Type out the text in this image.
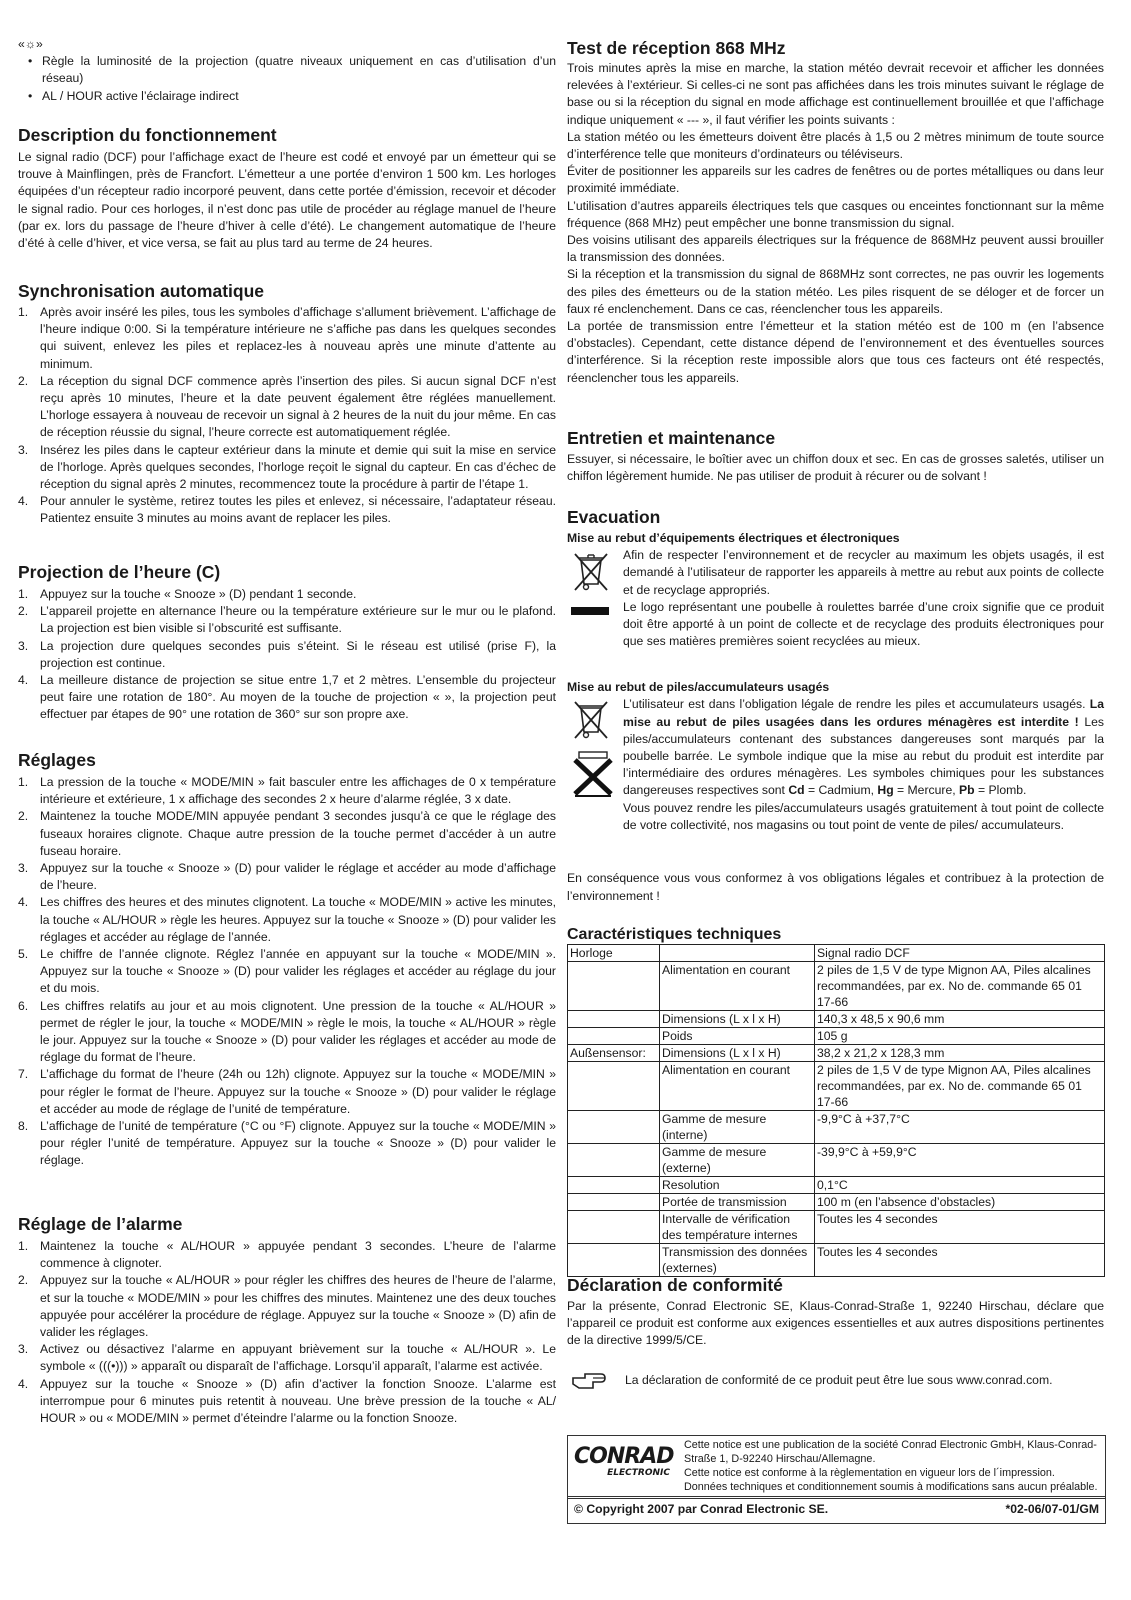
«☼»
• Règle la luminosité de la projection (quatre niveaux uniquement en cas d’utilisation d’un réseau)
• AL / HOUR active l’éclairage indirect
Description du fonctionnement

Le signal radio (DCF) pour l’affichage exact de l’heure est codé et envoyé par un émetteur qui se trouve à Mainflingen, près de Francfort. L’émetteur a une portée d’environ 1 500 km. Les horloges équipées d’un récepteur radio incorporé peuvent, dans cette portée d’émission, recevoir et décoder le signal radio. Pour ces horloges, il n’est donc pas utile de procéder au réglage manuel de l’heure (par ex. lors du passage de l’heure d’hiver à celle d’été). Le changement automatique de l’heure d’été à celle d’hiver, et vice versa, se fait au plus tard au terme de 24 heures.

Synchronisation automatique
1. Après avoir inséré les piles, tous les symboles d’affichage s’allument brièvement. L’affichage de l’heure indique 0:00. Si la température intérieure ne s’affiche pas dans les quelques secondes qui suivent, enlevez les piles et replacez-les à nouveau après une minute d’attente au minimum.
2. La réception du signal DCF commence après l’insertion des piles. Si aucun signal DCF n’est reçu après 10 minutes, l’heure et la date peuvent également être réglées manuellement. L’horloge essayera à nouveau de recevoir un signal à 2 heures de la nuit du jour même. En cas de réception réussie du signal, l’heure correcte est automatiquement réglée.
3. Insérez les piles dans le capteur extérieur dans la minute et demie qui suit la mise en service de l’horloge. Après quelques secondes, l’horloge reçoit le signal du capteur. En cas d’échec de réception du signal après 2 minutes, recommencez toute la procédure à partir de l’étape 1.
4. Pour annuler le système, retirez toutes les piles et enlevez, si nécessaire, l’adaptateur réseau. Patientez ensuite 3 minutes au moins avant de replacer les piles.
Projection de l’heure (C)
1. Appuyez sur la touche « Snooze » (D) pendant 1 seconde.
2. L’appareil projette en alternance l’heure ou la température extérieure sur le mur ou le plafond. La projection est bien visible si l’obscurité est suffisante.
3. La projection dure quelques secondes puis s’éteint. Si le réseau est utilisé (prise F), la projection est continue.
4. La meilleure distance de projection se situe entre 1,7 et 2 mètres. L’ensemble du projecteur peut faire une rotation de 180°. Au moyen de la touche de projection « », la projection peut effectuer par étapes de 90° une rotation de 360° sur son propre axe.
Réglages
1. La pression de la touche « MODE/MIN » fait basculer entre les affichages de 0 x température intérieure et extérieure, 1 x affichage des secondes 2 x heure d’alarme réglée, 3 x date.
2. Maintenez la touche MODE/MIN appuyée pendant 3 secondes jusqu’à ce que le réglage des fuseaux horaires clignote. Chaque autre pression de la touche permet d’accéder à un autre fuseau horaire.
3. Appuyez sur la touche « Snooze » (D) pour valider le réglage et accéder au mode d’affichage de l’heure.
4. Les chiffres des heures et des minutes clignotent. La touche « MODE/MIN » active les minutes, la touche « AL/HOUR » règle les heures. Appuyez sur la touche « Snooze » (D) pour valider les réglages et accéder au réglage de l’année.
5. Le chiffre de l’année clignote. Réglez l’année en appuyant sur la touche « MODE/MIN ». Appuyez sur la touche « Snooze » (D) pour valider les réglages et accéder au réglage du jour et du mois.
6. Les chiffres relatifs au jour et au mois clignotent. Une pression de la touche « AL/HOUR » permet de régler le jour, la touche « MODE/MIN » règle le mois, la touche « AL/HOUR » règle le jour. Appuyez sur la touche « Snooze » (D) pour valider les réglages et accéder au mode de réglage du format de l’heure.
7. L’affichage du format de l’heure (24h ou 12h) clignote. Appuyez sur la touche « MODE/MIN » pour régler le format de l’heure. Appuyez sur la touche « Snooze » (D) pour valider le réglage et accéder au mode de réglage de l’unité de température.
8. L’affichage de l’unité de température (°C ou °F) clignote. Appuyez sur la touche « MODE/MIN » pour régler l’unité de température. Appuyez sur la touche « Snooze » (D) pour valider le réglage.
Réglage de l’alarme
1. Maintenez la touche « AL/HOUR » appuyée pendant 3 secondes. L’heure de l’alarme commence à clignoter.
2. Appuyez sur la touche « AL/HOUR » pour régler les chiffres des heures de l’heure de l’alarme, et sur la touche « MODE/MIN » pour les chiffres des minutes. Maintenez une des deux touches appuyée pour accélérer la procédure de réglage. Appuyez sur la touche « Snooze » (D) afin de valider les réglages.
3. Activez ou désactivez l’alarme en appuyant brièvement sur la touche « AL/HOUR ». Le symbole « (((•))) » apparaît ou disparaît de l’affichage. Lorsqu’il apparaît, l’alarme est activée.
4. Appuyez sur la touche « Snooze » (D) afin d’activer la fonction Snooze. L’alarme est interrompue pour 6 minutes puis retentit à nouveau. Une brève pression de la touche « AL/ HOUR » ou « MODE/MIN » permet d’éteindre l’alarme ou la fonction Snooze.
Test de réception 868 MHz

Trois minutes après la mise en marche, la station météo devrait recevoir et afficher les données relevées à l’extérieur. Si celles-ci ne sont pas affichées dans les trois minutes suivant le réglage de base ou si la réception du signal en mode affichage est continuellement brouillée et que l’affichage indique uniquement « --- », il faut vérifier les points suivants :

La station météo ou les émetteurs doivent être placés à 1,5 ou 2 mètres minimum de toute source d’interférence telle que moniteurs d’ordinateurs ou téléviseurs.

Éviter de positionner les appareils sur les cadres de fenêtres ou de portes métalliques ou dans leur proximité immédiate.

L’utilisation d’autres appareils électriques tels que casques ou enceintes fonctionnant sur la même fréquence (868 MHz) peut empêcher une bonne transmission du signal.

Des voisins utilisant des appareils électriques sur la fréquence de 868MHz peuvent aussi brouiller la transmission des données.

Si la réception et la transmission du signal de 868MHz sont correctes, ne pas ouvrir les logements des piles des émetteurs ou de la station météo. Les piles risquent de se déloger et de forcer un faux ré enclenchement. Dans ce cas, réenclencher tous les appareils.

La portée de transmission entre l’émetteur et la station météo est de 100 m (en l’absence d’obstacles). Cependant, cette distance dépend de l’environnement et des éventuelles sources d’interférence. Si la réception reste impossible alors que tous ces facteurs ont été respectés, réenclencher tous les appareils.

Entretien et maintenance

Essuyer, si nécessaire, le boîtier avec un chiffon doux et sec. En cas de grosses saletés, utiliser un chiffon légèrement humide. Ne pas utiliser de produit à récurer ou de solvant !

Evacuation
Mise au rebut d’équipements électriques et électroniques

Afin de respecter l’environnement et de recycler au maximum les objets usagés, il est demandé à l’utilisateur de rapporter les appareils à mettre au rebut aux points de collecte et de recyclage appropriés.

Le logo représentant une poubelle à roulettes barrée d’une croix signifie que ce produit doit être apporté à un point de collecte et de recyclage des produits électroniques pour que ses matières premières soient recyclées au mieux.

Mise au rebut de piles/accumulateurs usagés

L’utilisateur est dans l’obligation légale de rendre les piles et accumulateurs usagés. La mise au rebut de piles usagées dans les ordures ménagères est interdite ! Les piles/accumulateurs contenant des substances dangereuses sont marqués par la poubelle barrée. Le symbole indique que la mise au rebut du produit est interdite par l’intermédiaire des ordures ménagères. Les symboles chimiques pour les substances dangereuses respectives sont Cd = Cadmium, Hg = Mercure, Pb = Plomb.

Vous pouvez rendre les piles/accumulateurs usagés gratuitement à tout point de collecte de votre collectivité, nos magasins ou tout point de vente de piles/ accumulateurs.

En conséquence vous vous conformez à vos obligations légales et contribuez à la protection de l’environnement !

Caractéristiques techniques
Horloge		Signal radio DCF
	Alimentation en courant	2 piles de 1,5 V de type Mignon AA, Piles alcalines recommandées, par ex. No de. commande 65 01 17-66
	Dimensions (L x l x H)	140,3 x 48,5 x 90,6 mm
	Poids	105 g
Außensensor:	Dimensions (L x l x H)	38,2 x 21,2 x 128,3 mm
	Alimentation en courant	2 piles de 1,5 V de type Mignon AA, Piles alcalines recommandées, par ex. No de. commande 65 01 17-66
	Gamme de mesure (interne)	-9,9°C à +37,7°C
	Gamme de mesure (externe)	-39,9°C à +59,9°C
	Resolution	0,1°C
	Portée de transmission	100 m (en l’absence d’obstacles)
	Intervalle de vérification des température internes	Toutes les 4 secondes
	Transmission des données (externes)	Toutes les 4 secondes
Déclaration de conformité

Par la présente, Conrad Electronic SE, Klaus-Conrad-Straße 1, 92240 Hirschau, déclare que l’appareil ce produit est conforme aux exigences essentielles et aux autres dispositions pertinentes de la directive 1999/5/CE.

La déclaration de conformité de ce produit peut être lue sous www.conrad.com.
CONRAD
ELECTRONIC
Cette notice est une publication de la société Conrad Electronic GmbH, Klaus-Conrad-Straße 1, D-92240 Hirschau/Allemagne.
Cette notice est conforme à la règlementation en vigueur lors de l´impression. Données techniques et conditionnement soumis à modifications sans aucun préalable.
© Copyright 2007 par Conrad Electronic SE.	*02-06/07-01/GM
